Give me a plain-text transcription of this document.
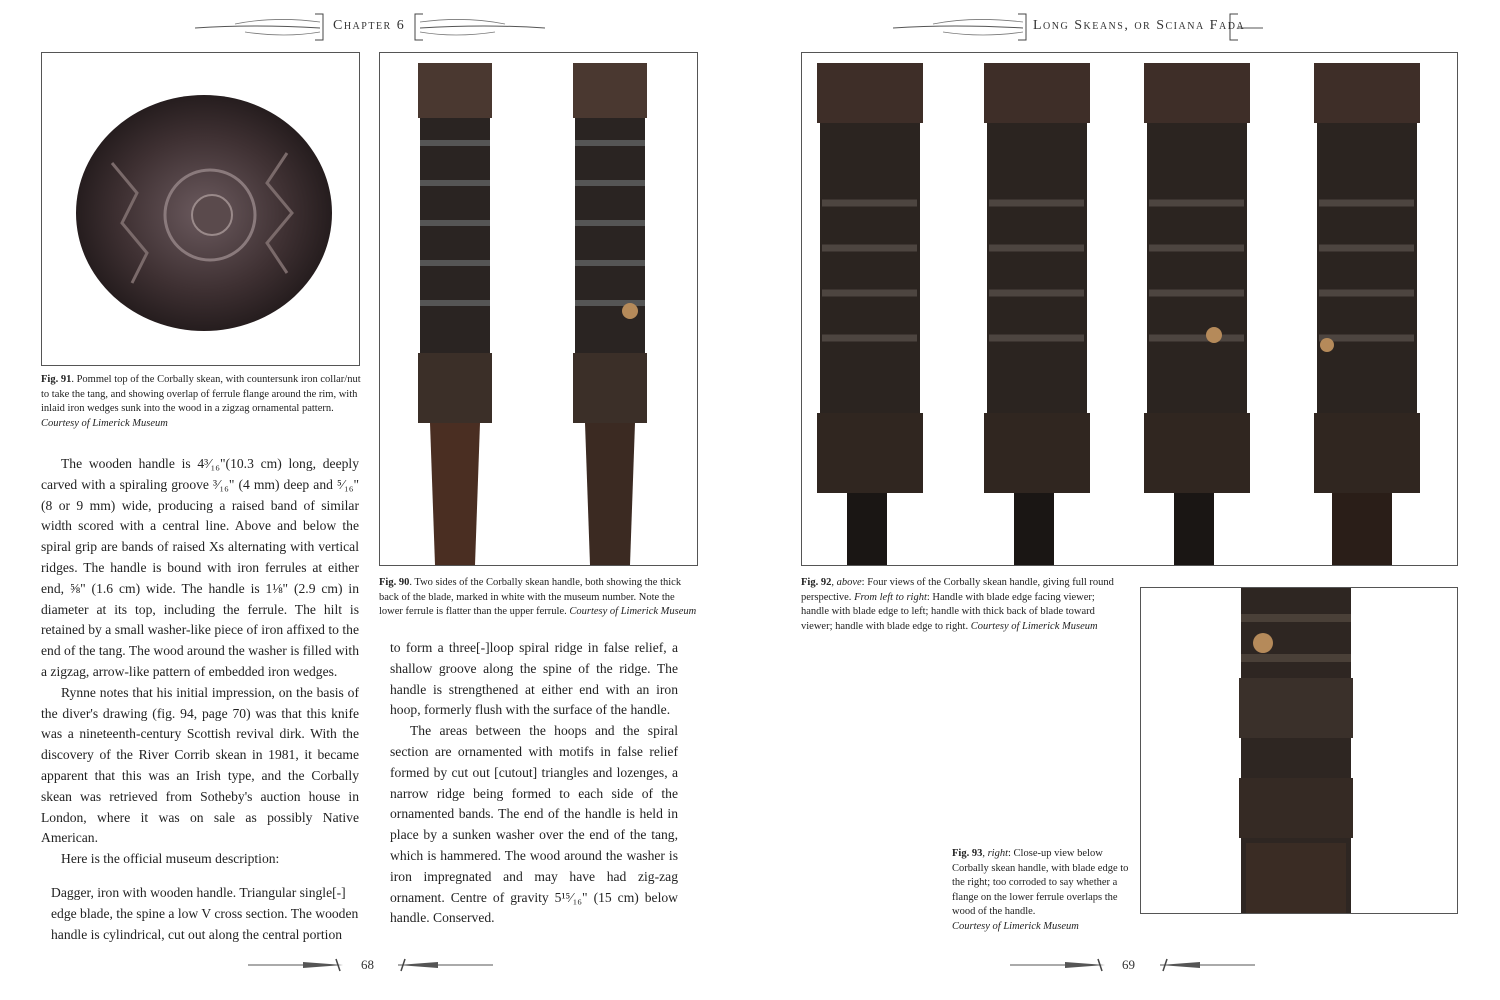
Chapter 6
Fig. 91. Pommel top of the Corbally skean, with countersunk iron collar/nut to take the tang, and showing overlap of ferrule flange around the rim, with inlaid iron wedges sunk into the wood in a zigzag ornamental pattern. Courtesy of Limerick Museum
Fig. 90. Two sides of the Corbally skean handle, both showing the thick back of the blade, marked in white with the museum number. Note the lower ferrule is flatter than the upper ferrule. Courtesy of Limerick Museum

The wooden handle is 4³⁄₁₆"(10.3 cm) long, deeply carved with a spiraling groove ³⁄₁₆" (4 mm) deep and ⁵⁄₁₆" (8 or 9 mm) wide, producing a raised band of similar width scored with a central line. Above and below the spiral grip are bands of raised Xs alternating with vertical ridges. The handle is bound with iron ferrules at either end, ⅝" (1.6 cm) wide. The handle is 1⅛" (2.9 cm) in diameter at its top, including the ferrule. The hilt is retained by a small washer-like piece of iron affixed to the end of the tang. The wood around the washer is filled with a zigzag, arrow-like pattern of embedded iron wedges.

Rynne notes that his initial impression, on the basis of the diver's drawing (fig. 94, page 70) was that this knife was a nineteenth-century Scottish revival dirk. With the discovery of the River Corrib skean in 1981, it became apparent that this was an Irish type, and the Corbally skean was retrieved from Sotheby's auction house in London, where it was on sale as possibly Native American.

Here is the official museum description:

Dagger, iron with wooden handle. Triangular single[-] edge blade, the spine a low V cross section. The wooden handle is cylindrical, cut out along the central portion

to form a three[-]loop spiral ridge in false relief, a shallow groove along the spine of the ridge. The handle is strengthened at either end with an iron hoop, formerly flush with the surface of the handle.

The areas between the hoops and the spiral section are ornamented with motifs in false relief formed by cut out [cutout] triangles and lozenges, a narrow ridge being formed to each side of the ornamented bands. The end of the handle is held in place by a sunken washer over the end of the tang, which is hammered. The wood around the washer is iron impregnated and may have had zig-zag ornament. Centre of gravity 5¹⁵⁄₁₆" (15 cm) below handle. Conserved.

68
Long Skeans, or Sciana Fada
Fig. 92, above: Four views of the Corbally skean handle, giving full round perspective. From left to right: Handle with blade edge facing viewer; handle with blade edge to left; handle with thick back of blade toward viewer; handle with blade edge to right. Courtesy of Limerick Museum
Fig. 93, right: Close-up view below Corbally skean handle, with blade edge to the right; too corroded to say whether a flange on the lower ferrule overlaps the wood of the handle.
Courtesy of Limerick Museum
69
